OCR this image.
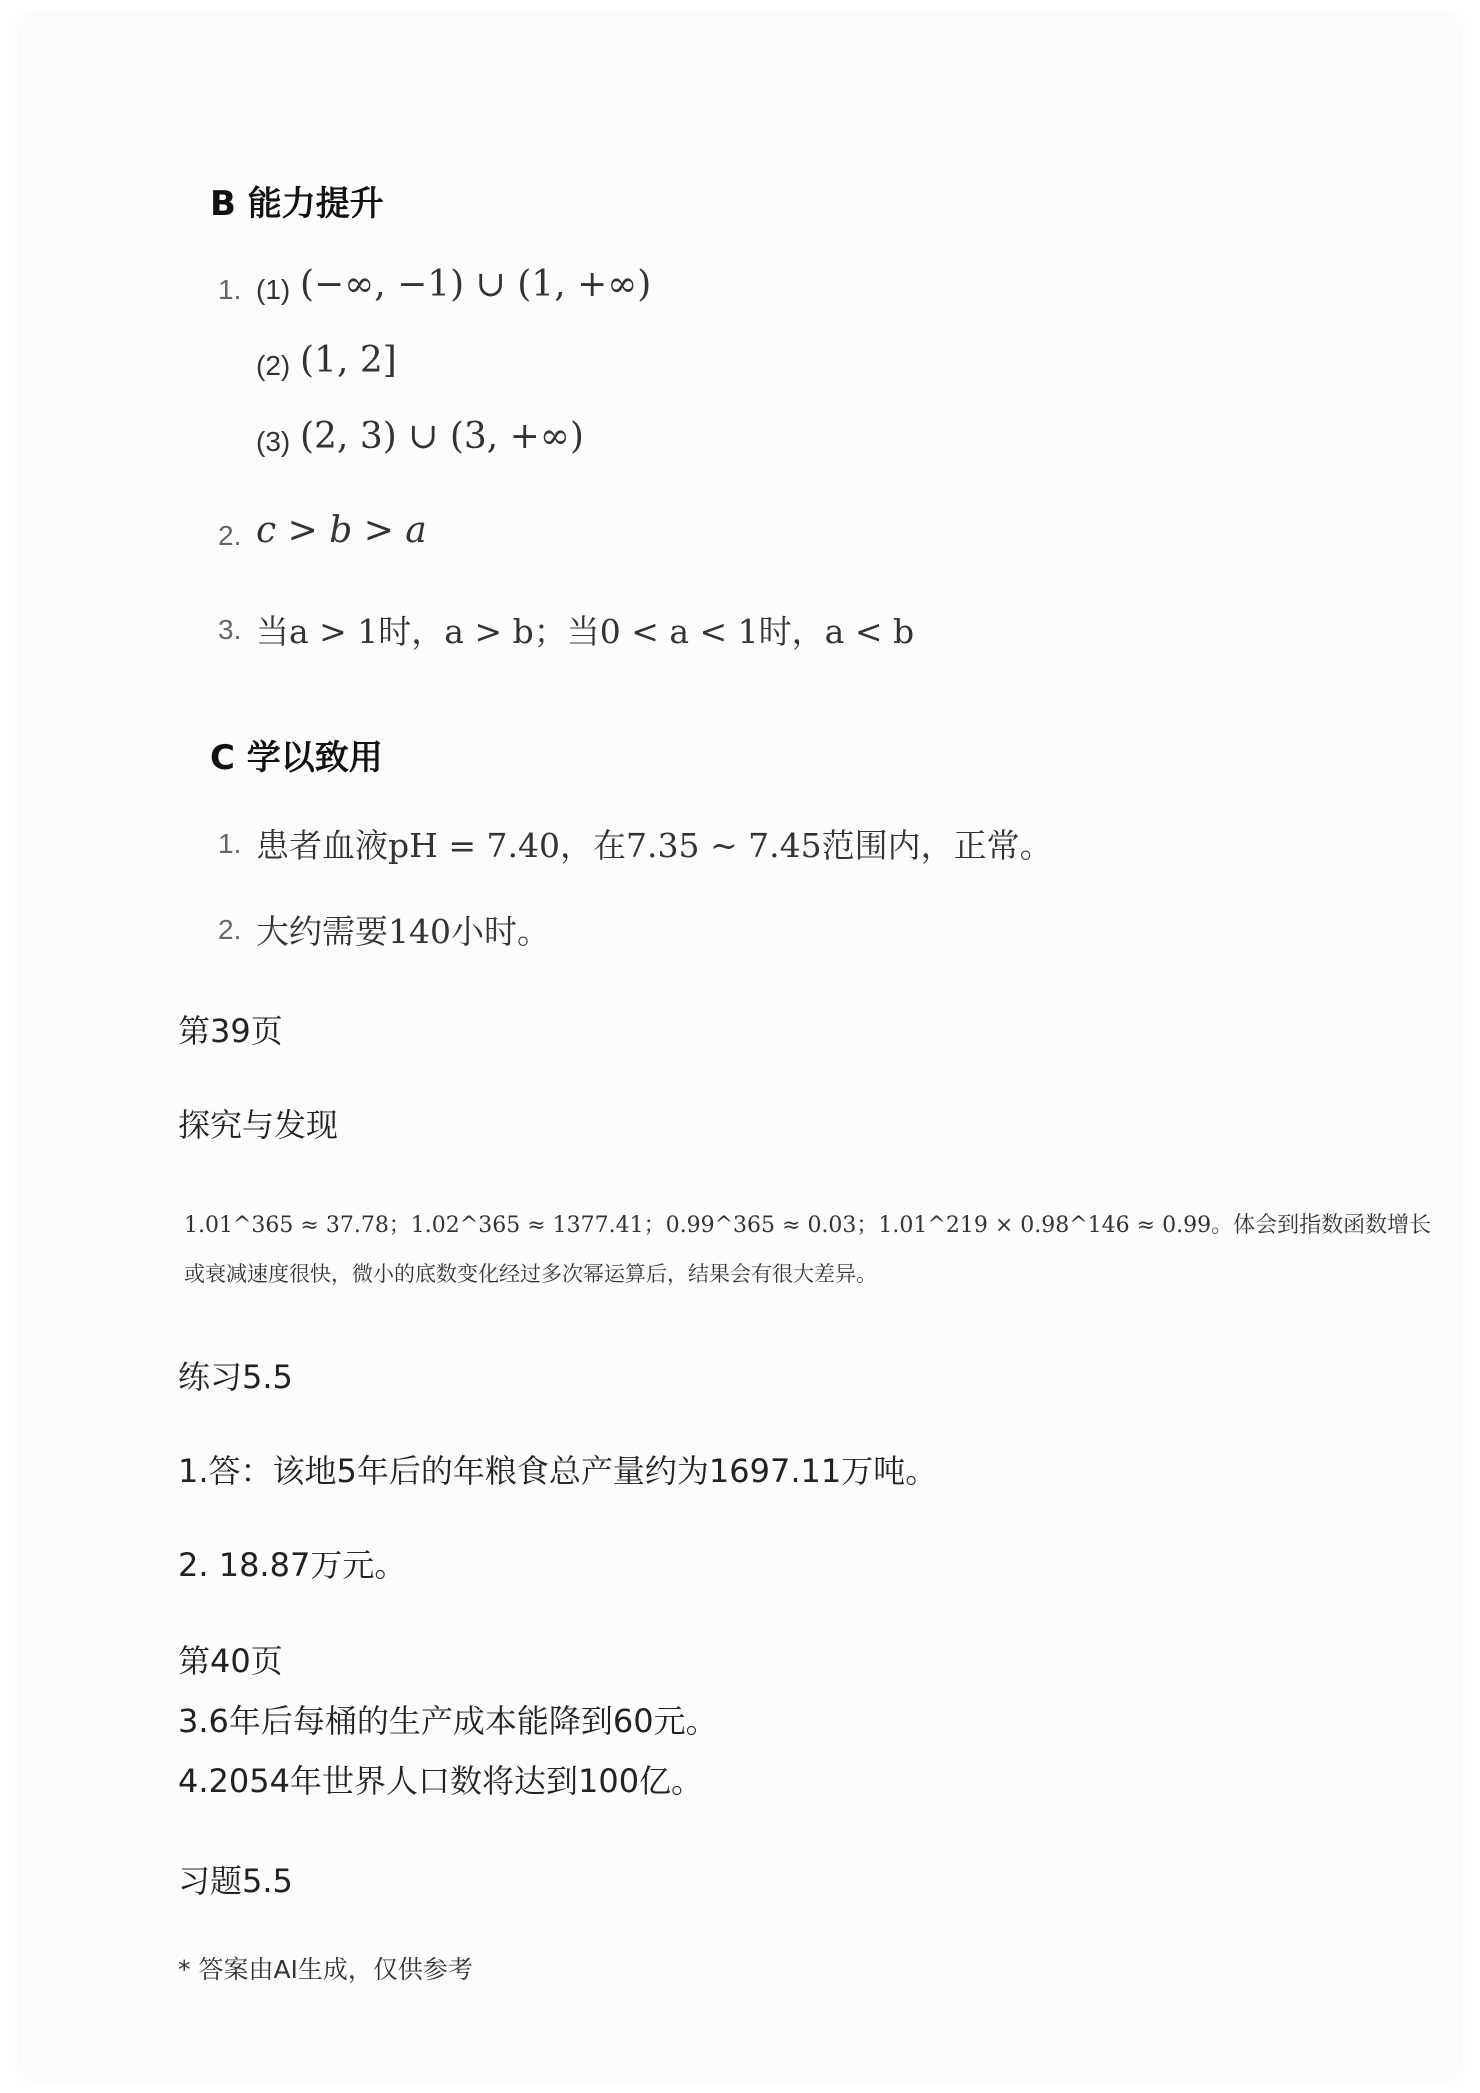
B 能力提升
1. (1) (−∞, −1) ∪ (1, +∞)
(2) (1, 2]
(3) (2, 3) ∪ (3, +∞)
2. c > b > a
3. 当a > 1时，a > b；当0 < a < 1时，a < b
C 学以致用
1. 患者血液pH = 7.40，在7.35 ~ 7.45范围内，正常。
2. 大约需要140小时。
第39页
探究与发现
1.01^365 ≈ 37.78；1.02^365 ≈ 1377.41；0.99^365 ≈ 0.03；1.01^219 × 0.98^146 ≈ 0.99。体会到指数函数增长
或衰减速度很快，微小的底数变化经过多次幂运算后，结果会有很大差异。
练习5.5
1.答：该地5年后的年粮食总产量约为1697.11万吨。
2. 18.87万元。
第40页
3.6年后每桶的生产成本能降到60元。
4.2054年世界人口数将达到100亿。
习题5.5
* 答案由AI生成，仅供参考
